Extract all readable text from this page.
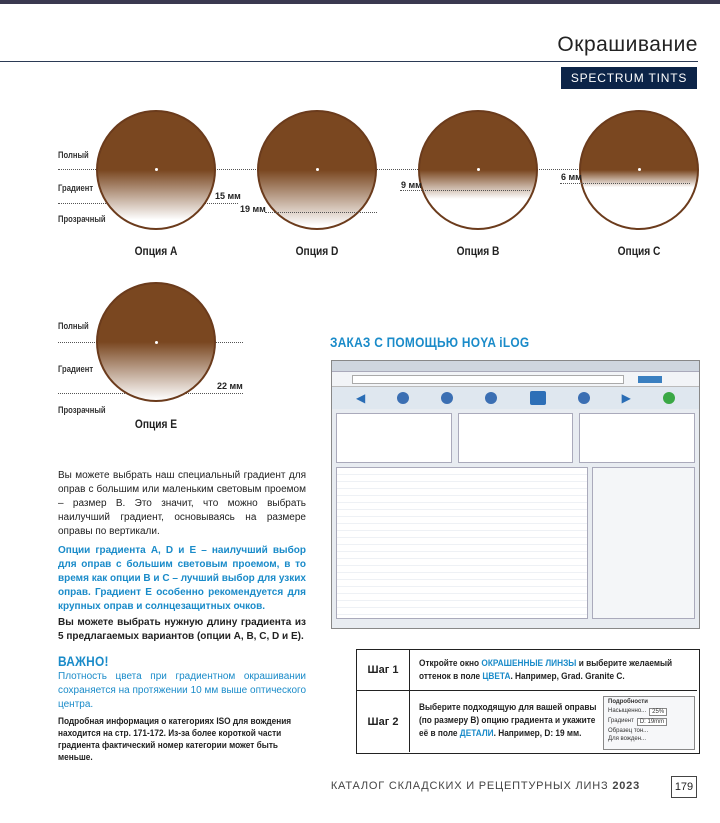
Окрашивание
SPECTRUM TINTS
Полный
Градиент
Прозрачный
15 мм
Опция A
19 мм
Опция D
9 мм
Опция B
6 мм
Опция C
Полный
Градиент
Прозрачный
22 мм
Опция E
Вы можете выбрать наш специальный градиент для оправ с большим или маленьким световым проемом – размер B. Это значит, что можно выбрать наилучший градиент, основываясь на размере оправы по вертикали.
Опции градиента A, D и E – наилучший выбор для оправ с большим световым проемом, в то время как опции B и C – лучший выбор для узких оправ. Градиент E особенно рекомендуется для крупных оправ и солнцезащитных очков.
Вы можете выбрать нужную длину градиента из 5 предлагаемых вариантов (опции A, B, C, D и E).
ВАЖНО!
Плотность цвета при градиентном окрашивании сохраняется на протяжении 10 мм выше оптического центра.
Подробная информация о категориях ISO для вождения находится на стр. 171-172. Из-за более короткой части градиента фактический номер категории может быть меньше.
ЗАКАЗ С ПОМОЩЬЮ HOYA iLOG
◀	▶
Шаг 1
Откройте окно ОКРАШЕННЫЕ ЛИНЗЫ и выберите желаемый оттенок в поле ЦВЕТА. Например, Grad. Granite C.
Шаг 2
Выберите подходящую для вашей оправы (по размеру B) опцию градиента и укажите её в поле ДЕТАЛИ. Например, D: 19 мм.
Подробности
Насыщенно...	25%
Градиент	D: 19mm
Образец тон...
Для вожден...
КАТАЛОГ СКЛАДСКИХ И РЕЦЕПТУРНЫХ ЛИНЗ 2023	179
